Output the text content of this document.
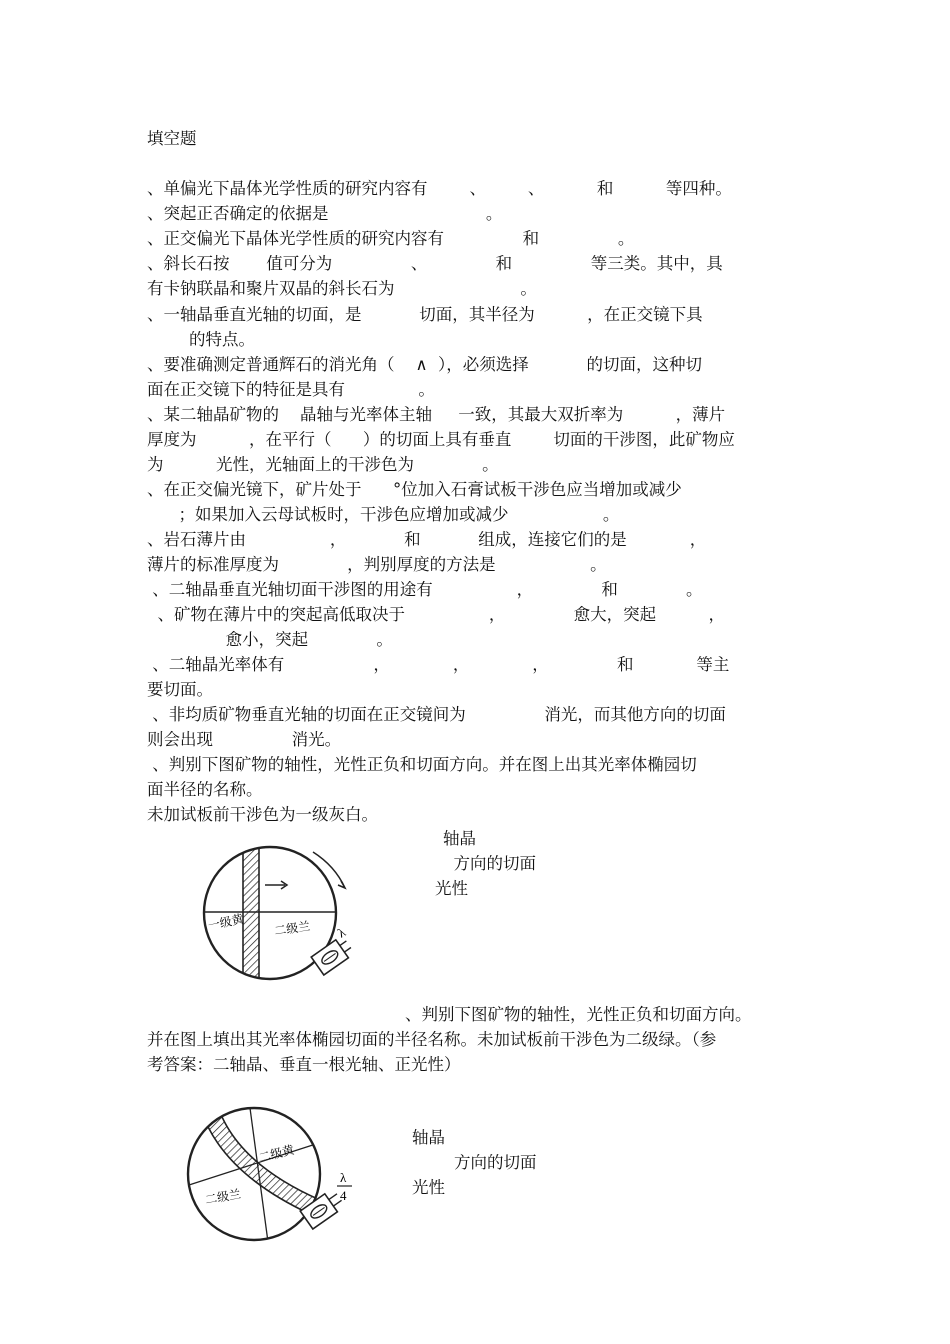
填空题
、单偏光下晶体光学性质的研究内容有        、        、          和          等四种。
、突起正否确定的依据是                              。
、正交偏光下晶体光学性质的研究内容有               和               。
、斜长石按       值可分为               、             和               等三类。其中，具
有卡钠联晶和聚片双晶的斜长石为                        。
、一轴晶垂直光轴的切面，是           切面，其半径为          ，在正交镜下具
的特点。
、要准确测定普通辉石的消光角（    ∧  ），必须选择           的切面，这种切
面在正交镜下的特征是具有              。
、某二轴晶矿物的    晶轴与光率体主轴     一致，其最大双折率为          ，薄片
厚度为          ，在平行（      ）的切面上具有垂直        切面的干涉图，此矿物应
为          光性，光轴面上的干涉色为             。
、在正交偏光镜下，矿片处于      °位加入石膏试板干涉色应当增加或减少
；如果加入云母试板时，干涉色应增加或减少                  。
、岩石薄片由                ，           和           组成，连接它们的是            ，
薄片的标准厚度为             ，判别厚度的方法是                  。
、二轴晶垂直光轴切面干涉图的用途有                ，             和             。
、矿物在薄片中的突起高低取决于                ，             愈大，突起          ，
愈小，突起             。
、二轴晶光率体有                 ，            ，            ，             和            等主
要切面。
、非均质矿物垂直光轴的切面在正交镜间为               消光，而其他方向的切面
则会出现               消光。
、判别下图矿物的轴性，光性正负和切面方向。并在图上出其光率体椭园切
面半径的名称。
未加试板前干涉色为一级灰白。
轴晶
方向的切面
光性
、判别下图矿物的轴性，光性正负和切面方向。
并在图上填出其光率体椭园切面的半径名称。未加试板前干涉色为二级绿。（参
考答案：二轴晶、垂直一根光轴、正光性）
轴晶
方向的切面
光性
一级黄 二级兰 λ
二级黄
二级兰
λ
4
